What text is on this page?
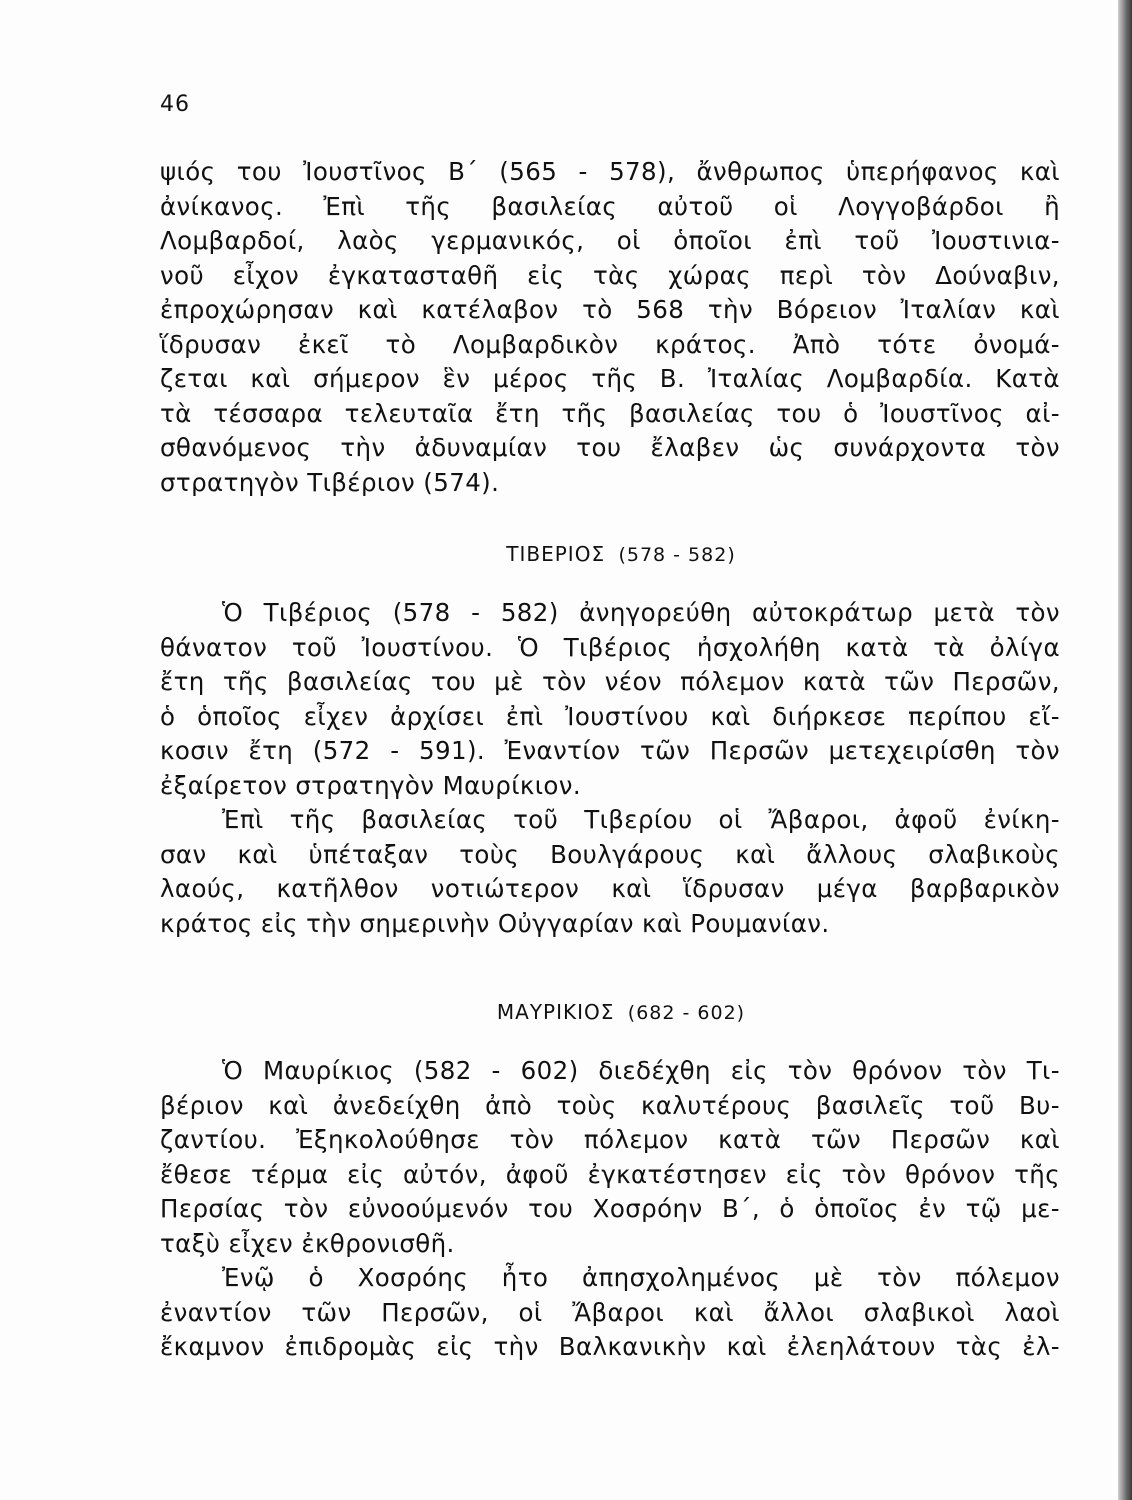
46
ψιός του Ἰουστῖνος Β΄ (565 - 578), ἄνθρωπος ὑπερήφανος καὶ
ἀνίκανος. Ἐπὶ τῆς βασιλείας αὐτοῦ οἱ Λογγοβάρδοι ἢ
Λομβαρδοί, λαὸς γερμανικός, οἱ ὁποῖοι ἐπὶ τοῦ Ἰουστινια-
νοῦ εἶχον ἐγκατασταθῆ εἰς τὰς χώρας περὶ τὸν Δούναβιν,
ἐπροχώρησαν καὶ κατέλαβον τὸ 568 τὴν Βόρειον Ἰταλίαν καὶ
ἵδρυσαν ἐκεῖ τὸ Λομβαρδικὸν κράτος. Ἀπὸ τότε ὀνομά-
ζεται καὶ σήμερον ἓν μέρος τῆς Β. Ἰταλίας Λομβαρδία. Κατὰ
τὰ τέσσαρα τελευταῖα ἔτη τῆς βασιλείας του ὁ Ἰουστῖνος αἰ-
σθανόμενος τὴν ἀδυναμίαν του ἔλαβεν ὡς συνάρχοντα τὸν
στρατηγὸν Τιβέριον (574).
ΤΙΒΕΡΙΟΣ (578 - 582)
Ὁ Τιβέριος (578 - 582) ἀνηγορεύθη αὐτοκράτωρ μετὰ τὸν
θάνατον τοῦ Ἰουστίνου. Ὁ Τιβέριος ἠσχολήθη κατὰ τὰ ὀλίγα
ἔτη τῆς βασιλείας του μὲ τὸν νέον πόλεμον κατὰ τῶν Περσῶν,
ὁ ὁποῖος εἶχεν ἀρχίσει ἐπὶ Ἰουστίνου καὶ διήρκεσε περίπου εἴ-
κοσιν ἔτη (572 - 591). Ἐναντίον τῶν Περσῶν μετεχειρίσθη τὸν
ἐξαίρετον στρατηγὸν Μαυρίκιον.
Ἐπὶ τῆς βασιλείας τοῦ Τιβερίου οἱ Ἄβαροι, ἀφοῦ ἐνίκη-
σαν καὶ ὑπέταξαν τοὺς Βουλγάρους καὶ ἄλλους σλαβικοὺς
λαούς, κατῆλθον νοτιώτερον καὶ ἵδρυσαν μέγα βαρβαρικὸν
κράτος εἰς τὴν σημερινὴν Οὐγγαρίαν καὶ Ρουμανίαν.
ΜΑΥΡΙΚΙΟΣ (682 - 602)
Ὁ Μαυρίκιος (582 - 602) διεδέχθη εἰς τὸν θρόνον τὸν Τι-
βέριον καὶ ἀνεδείχθη ἀπὸ τοὺς καλυτέρους βασιλεῖς τοῦ Βυ-
ζαντίου. Ἐξηκολούθησε τὸν πόλεμον κατὰ τῶν Περσῶν καὶ
ἔθεσε τέρμα εἰς αὐτόν, ἀφοῦ ἐγκατέστησεν εἰς τὸν θρόνον τῆς
Περσίας τὸν εὐνοούμενόν του Χοσρόην Β΄, ὁ ὁποῖος ἐν τῷ με-
ταξὺ εἶχεν ἐκθρονισθῆ.
Ἐνῷ ὁ Χοσρόης ἦτο ἀπησχολημένος μὲ τὸν πόλεμον
ἐναντίον τῶν Περσῶν, οἱ Ἄβαροι καὶ ἄλλοι σλαβικοὶ λαοὶ
ἔκαμνον ἐπιδρομὰς εἰς τὴν Βαλκανικὴν καὶ ἐλεηλάτουν τὰς ἐλ-
